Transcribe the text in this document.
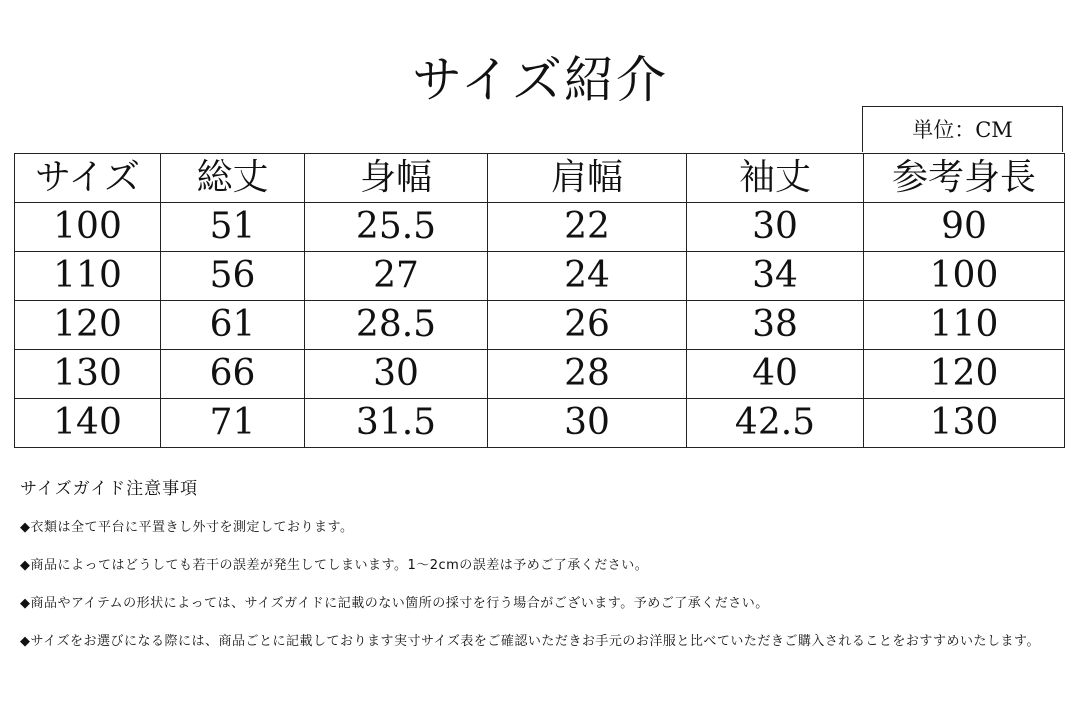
サイズ紹介
単位：CM
サイズ	総丈	身幅	肩幅	袖丈	参考身長
100	51	25.5	22	30	90
110	56	27	24	34	100
120	61	28.5	26	38	110
130	66	30	28	40	120
140	71	31.5	30	42.5	130
サイズガイド注意事項
◆衣類は全て平台に平置きし外寸を測定しております。
◆商品によってはどうしても若干の誤差が発生してしまいます。1～2cmの誤差は予めご了承ください。
◆商品やアイテムの形状によっては、サイズガイドに記載のない箇所の採寸を行う場合がございます。予めご了承ください。
◆サイズをお選びになる際には、商品ごとに記載しております実寸サイズ表をご確認いただきお手元のお洋服と比べていただきご購入されることをおすすめいたします。
